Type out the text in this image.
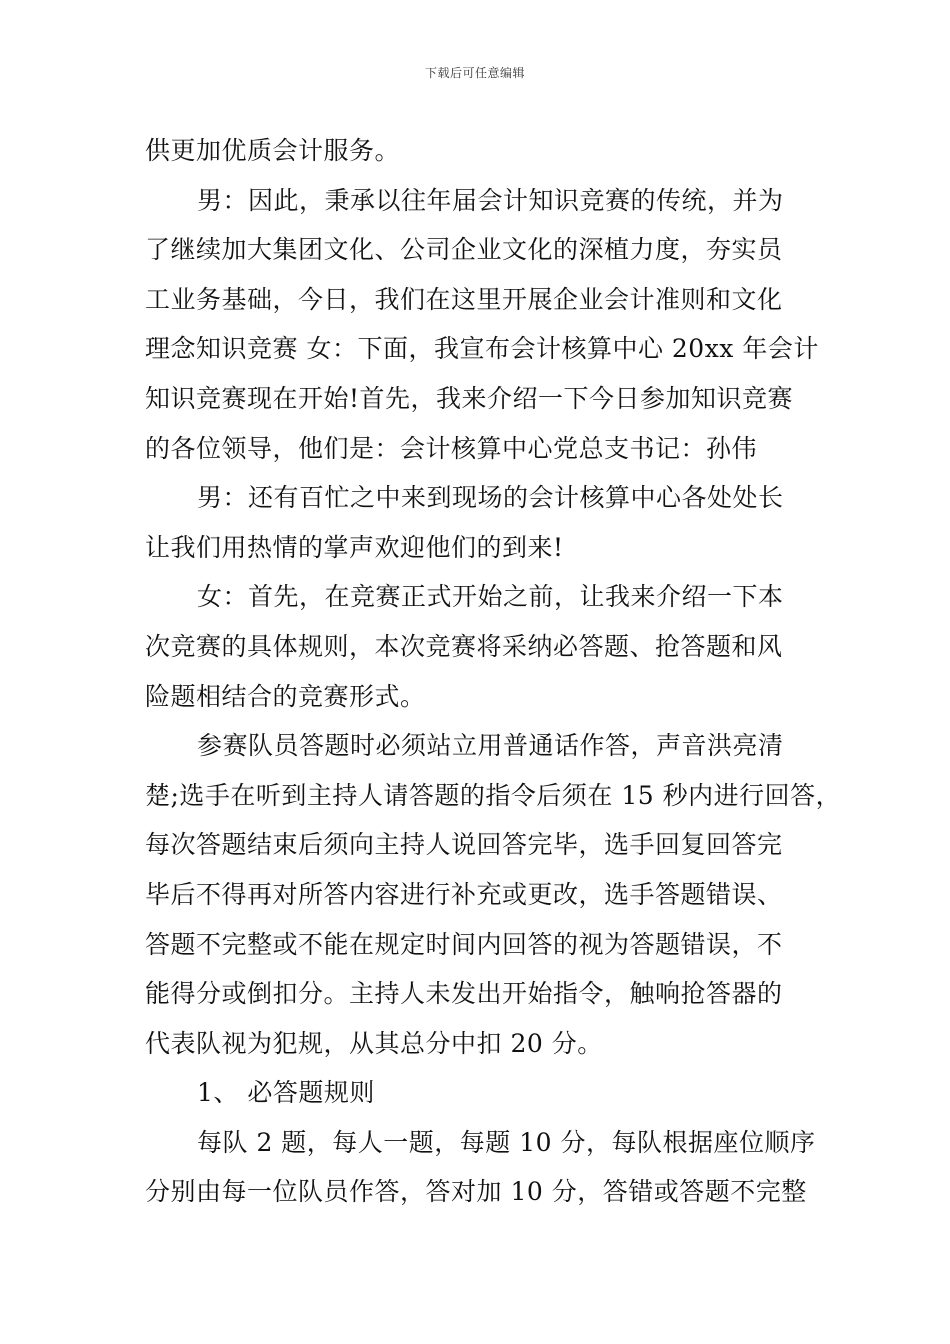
下载后可任意编辑
供更加优质会计服务。
男：因此，秉承以往年届会计知识竞赛的传统，并为
了继续加大集团文化、公司企业文化的深植力度，夯实员
工业务基础，今日，我们在这里开展企业会计准则和文化
理念知识竞赛 女：下面，我宣布会计核算中心 20xx 年会计
知识竞赛现在开始!首先，我来介绍一下今日参加知识竞赛
的各位领导，他们是：会计核算中心党总支书记：孙伟
男：还有百忙之中来到现场的会计核算中心各处处长
让我们用热情的掌声欢迎他们的到来!
女：首先，在竞赛正式开始之前，让我来介绍一下本
次竞赛的具体规则，本次竞赛将采纳必答题、抢答题和风
险题相结合的竞赛形式。
参赛队员答题时必须站立用普通话作答，声音洪亮清
楚;选手在听到主持人请答题的指令后须在 15 秒内进行回答，
每次答题结束后须向主持人说回答完毕，选手回复回答完
毕后不得再对所答内容进行补充或更改，选手答题错误、
答题不完整或不能在规定时间内回答的视为答题错误，不
能得分或倒扣分。主持人未发出开始指令，触响抢答器的
代表队视为犯规，从其总分中扣 20 分。
1、 必答题规则
每队 2 题，每人一题，每题 10 分，每队根据座位顺序
分别由每一位队员作答，答对加 10 分，答错或答题不完整
